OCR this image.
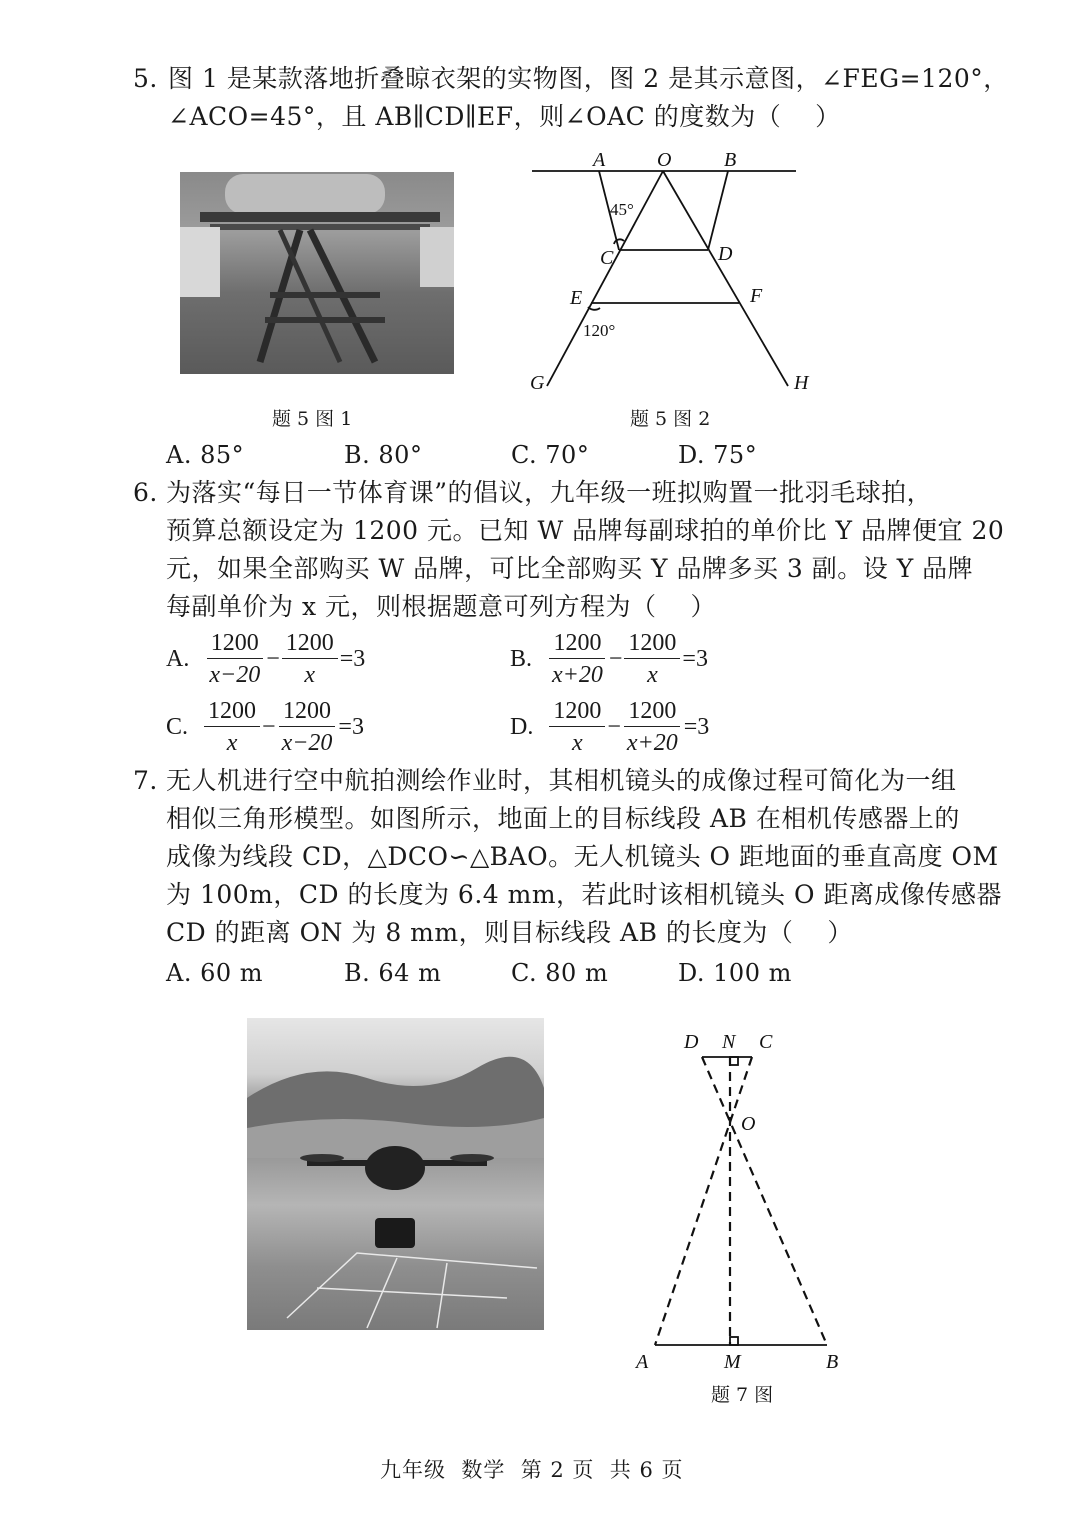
5. 图 1 是某款落地折叠晾衣架的实物图，图 2 是其示意图，∠FEG=120°，
∠ACO=45°，且 AB∥CD∥EF，则∠OAC 的度数为（　 ）
题 5 图 1
A	O	B
C	D
E	F
G	H
45°
120°
题 5 图 2
A. 85°	B. 80°	C. 70°	D. 75°
6. 为落实“每日一节体育课”的倡议，九年级一班拟购置一批羽毛球拍，
预算总额设定为 1200 元。已知 W 品牌每副球拍的单价比 Y 品牌便宜 20
元，如果全部购买 W 品牌，可比全部购买 Y 品牌多买 3 副。设 Y 品牌
每副单价为 x 元，则根据题意可列方程为（　 ）
A. $\frac{1200}{x-20} - \frac{1200}{x} =3$	B. $\frac{1200}{x+20} - \frac{1200}{x} =3$
C. $\frac{1200}{x} - \frac{1200}{x-20} =3$	D. $\frac{1200}{x} - \frac{1200}{x+20} =3$
7. 无人机进行空中航拍测绘作业时，其相机镜头的成像过程可简化为一组
相似三角形模型。如图所示，地面上的目标线段 AB 在相机传感器上的
成像为线段 CD，△DCO∽△BAO。无人机镜头 O 距地面的垂直高度 OM
为 100m，CD 的长度为 6.4 mm，若此时该相机镜头 O 距离成像传感器
CD 的距离 ON 为 8 mm，则目标线段 AB 的长度为（　 ）
A. 60 m	B. 64 m	C. 80 m	D. 100 m
D N C
O
A	M	B
题 7 图
九年级  数学  第 2 页  共 6 页
